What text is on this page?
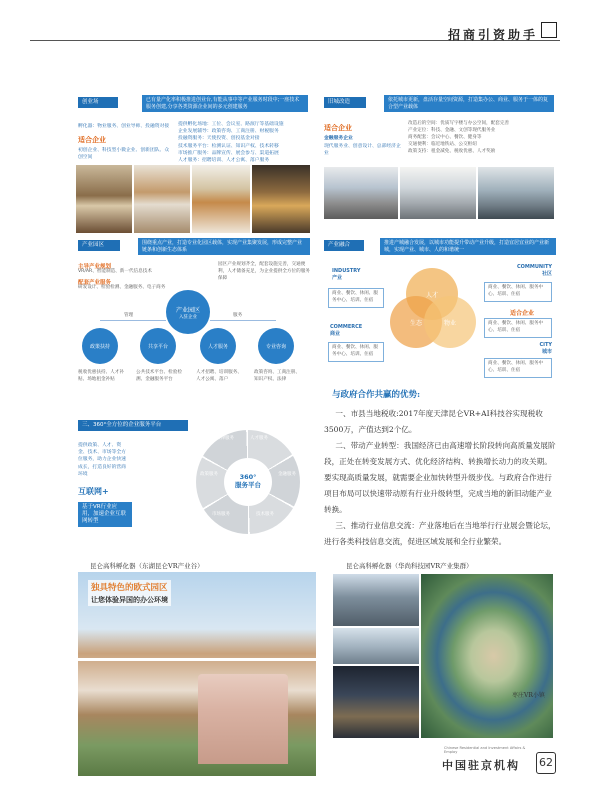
招商引资助手
创业场	已有量产化率积极推进创业台,有能从事中等产业服务时段中;一座技术服务创建,分享各类资源企业间的多元创建服务
孵化器：物业服务、创业导师、投融资对接
适合企业
初创企业、科技型小微企业、创新团队、众创空间
提供孵化场地：工位、会议室、路演厅等基础设施
企业发展辅导：政策咨询、工商注册、财税服务
投融资服务：天使投资、创投基金对接
技术服务平台：检测认证、知识产权、技术转移
市场推广服务：品牌宣传、展会参与、渠道拓展
人才服务：招聘培训、人才公寓、落户服务
旧城改造	依托城市更新，盘活存量空间资源，打造集办公、商业、服务于一体的复合型产业载体
适合企业
金融服务企业
现代服务业、创意设计、总部经济企业
改造后的空间：优质写字楼与办公空间，配套完善
产业定位：科技、金融、文创等现代服务业
商务配套：会议中心、餐饮、健身等
交通便利：临近地铁站、公交枢纽
政策支持：租金减免、税收优惠、人才奖励
产业园区	围绕重点产业，打造专业化园区载体，实现产业集聚发展，形成完整产业链条和创新生态体系
主导产业规划
VR/AR、智能制造、新一代信息技术
配套产业服务
研发设计、检验检测、金融服务、电子商务
园区产业规划齐全，配套设施完善，交通便利，人才储备充足，为企业提供全方位的服务保障
产业园区
入驻企业
管理	服务
政策扶持	共享平台	人才服务	专业咨询
税收优惠扶持、人才补贴、场地租金补贴
公共技术平台、检验检测、金融服务平台
人才招聘、培训服务、人才公寓、落户
政策咨询、工商注册、知识产权、法律
产业融合	推进产城融合发展，以城市功能提升带动产业升级，打造宜居宜业的产业新城，实现产业、城市、人的和谐统一
人才
生态	物业
INDUSTRY
产业
商业、餐饮、休闲、服务中心、培训、住宿
COMMERCE
商业
商业、餐饮、休闲、服务中心、培训、住宿
COMMUNITY
社区
商业、餐饮、休闲、服务中心、培训、住宿
适合企业
商业、餐饮、休闲、服务中心、培训、住宿
CITY
城市
商业、餐饮、休闲、服务中心、培训、住宿
三、360°全方位的企业服务平台
提供政策、人才、资金、技术、市场等全方位服务，助力企业快速成长，打造良好的营商环境
互联网+
基于VR行业应用，加速企业互联网转型
360°
服务平台
人才服务
金融服务
技术服务
市场服务
政策服务
法律服务
与政府合作共赢的优势:

一、市县当地税收:2017年度天津昆仑VR+AI科技谷实现税收3500万，产值达到2个亿。

二、带动产业转型：我国经济已由高速增长阶段转向高质量发展阶段，正处在转变发展方式、优化经济结构、转换增长动力的攻关期。要实现高质量发展，就需要企业加快转型升级步伐。与政府合作进行项目布局可以快速带动原有行业升级转型，完成当地的新旧动能产业转换。

三、推动行业信息交流：产业落地后在当地举行行业展会暨论坛，进行各类科技信息交流，促进区域发展和全行业繁荣。

昆仑高科孵化器（东湖昆仑VR产业谷）
独具特色的欧式园区
让您体验异国的办公环境
昆仑高科孵化器（华尚科技园VR产业集群）
枣庄VR小镇
Chinese Residential and Investment Affairs & Employ
中国驻京机构 62
